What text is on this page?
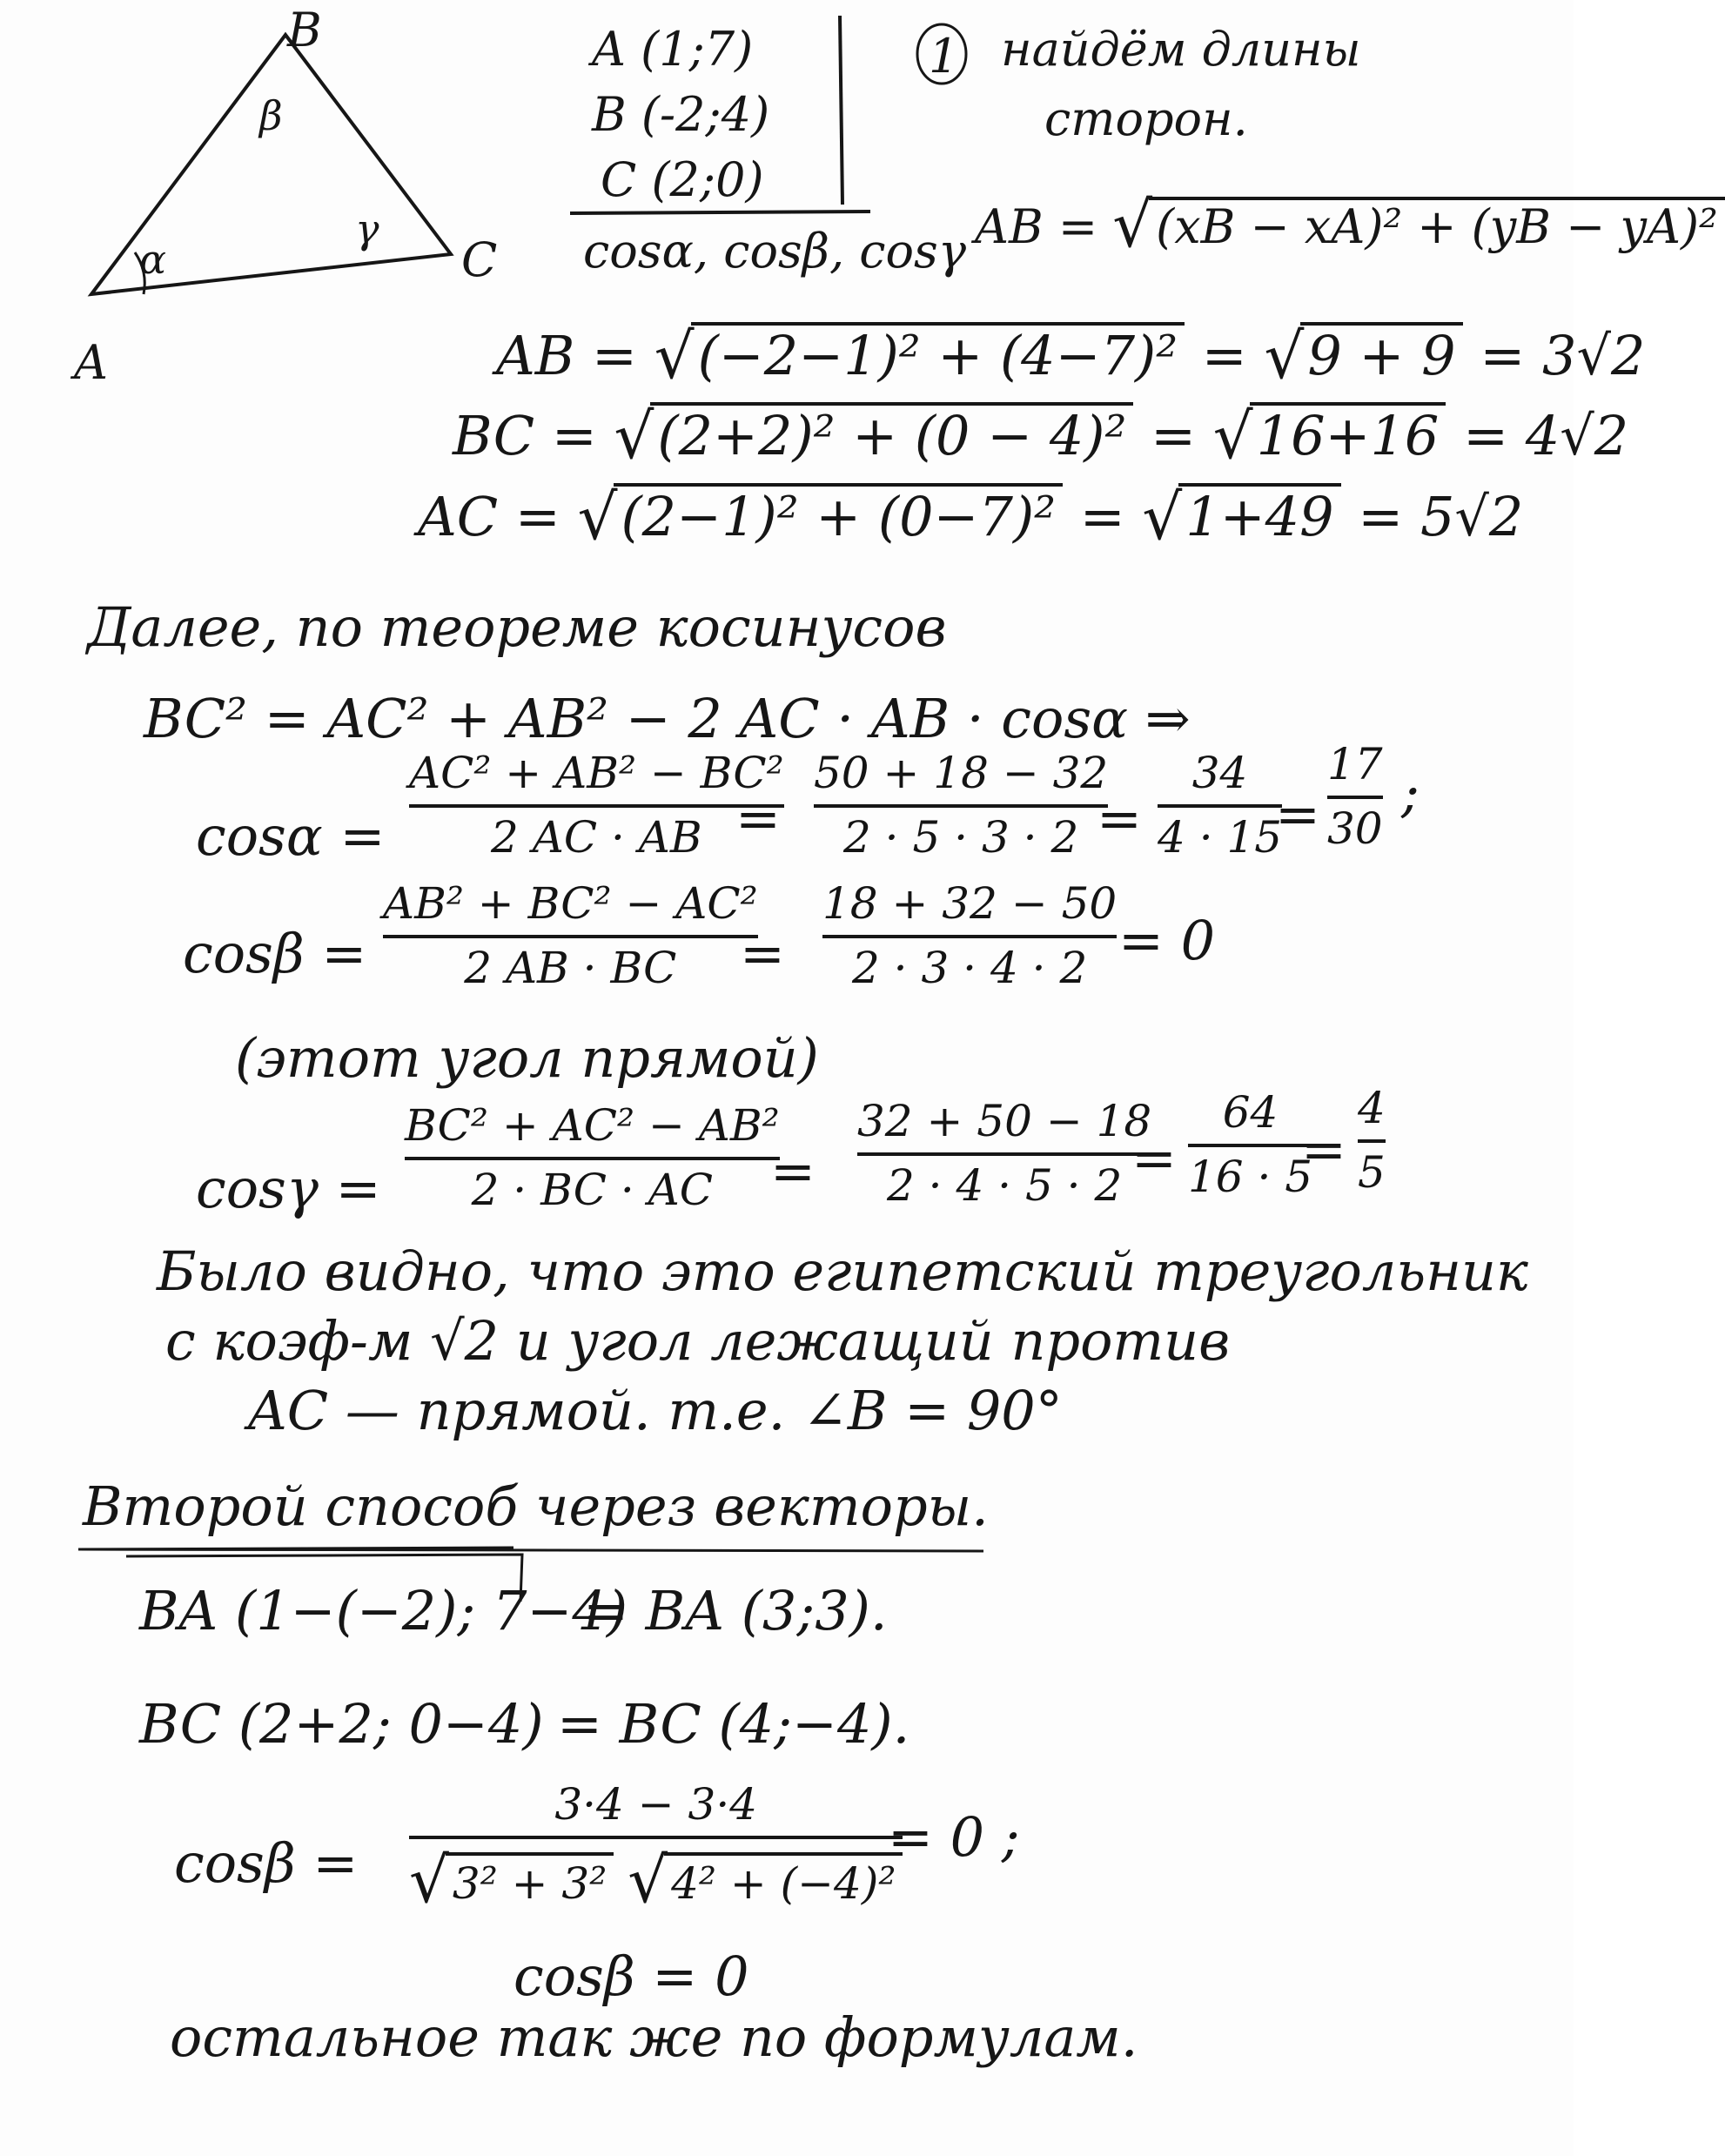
B
A
C
α
β
γ
A (1;7)
B (-2;4)
C (2;0)
cosα, cosβ, cosγ
1 найдём длины
сторон.
AB = √(xB − xA)² + (yB − yA)²
AB = √(−2−1)² + (4−7)² = √9 + 9 = 3√2
BC = √(2+2)² + (0 − 4)² = √16+16 = 4√2
AC = √(2−1)² + (0−7)² = √1+49 = 5√2
Далее, по теореме косинусов
BC² = AC² + AB² − 2 AC · AB · cosα ⇒
cosα =
AC² + AB² − BC²
2 AC · AB =
50 + 18 − 32
2 · 5 · 3 · 2 =
34
4 · 15
=
17
30
;
cosβ =
AB² + BC² − AC²
2 AB · BC =
18 + 32 − 50
2 · 3 · 4 · 2 = 0
(этот угол прямой)
cosγ =
BC² + AC² − AB²
2 · BC · AC =
32 + 50 − 18
2 · 4 · 5 · 2 =
64
16 · 5
=
4
5
Было видно, что это египетский треугольник
с коэф-м √2 и угол лежащий против
AC — прямой. т.е. ∠B = 90°
Второй способ через векторы.
BA (1−(−2); 7−4)
= BA (3;3).
BC (2+2; 0−4) = BC (4;−4).
cosβ =
3·4 − 3·4
√3² + 3² √4² + (−4)²
= 0 ;
cosβ = 0
остальное так же по формулам.
